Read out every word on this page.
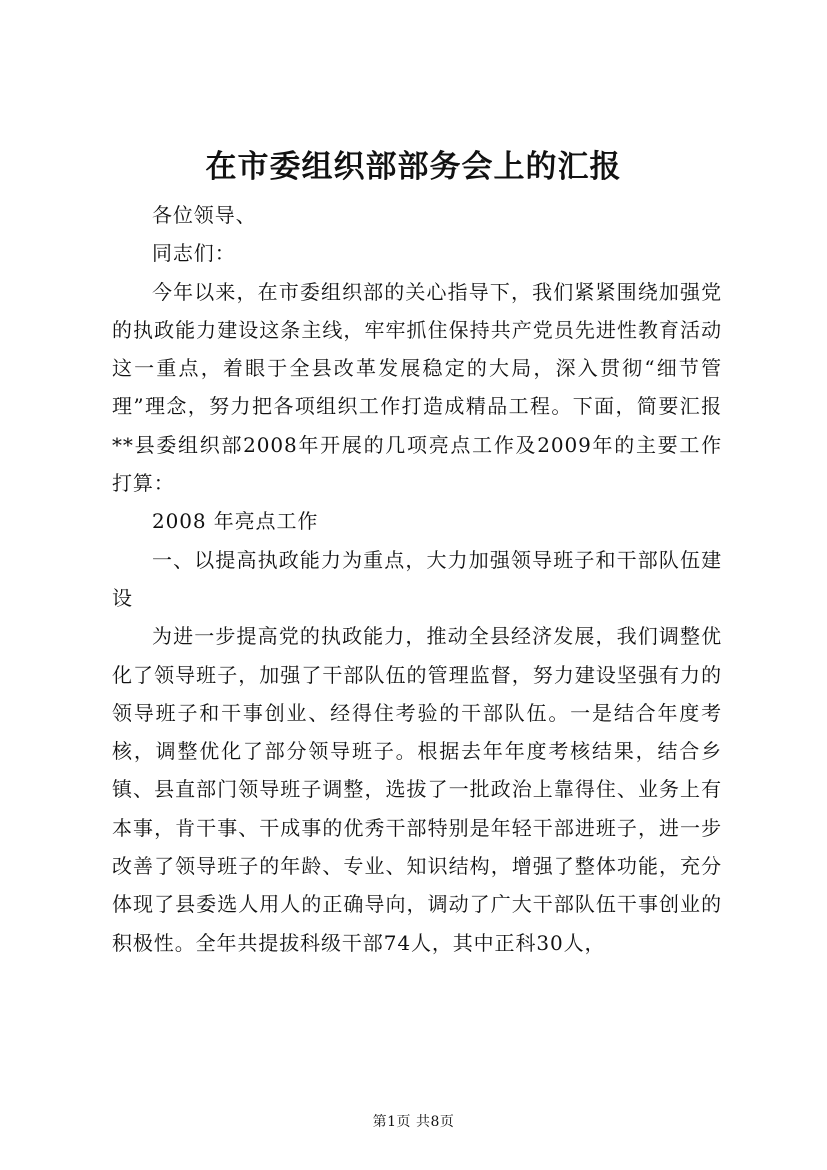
在市委组织部部务会上的汇报

各位领导、

同志们：

今年以来，在市委组织部的关心指导下，我们紧紧围绕加强党的执政能力建设这条主线，牢牢抓住保持共产党员先进性教育活动这一重点，着眼于全县改革发展稳定的大局，深入贯彻“细节管理”理念，努力把各项组织工作打造成精品工程。下面，简要汇报**县委组织部2008年开展的几项亮点工作及2009年的主要工作打算：

2008 年亮点工作

一、以提高执政能力为重点，大力加强领导班子和干部队伍建设

为进一步提高党的执政能力，推动全县经济发展，我们调整优化了领导班子，加强了干部队伍的管理监督，努力建设坚强有力的领导班子和干事创业、经得住考验的干部队伍。一是结合年度考核，调整优化了部分领导班子。根据去年年度考核结果，结合乡镇、县直部门领导班子调整，选拔了一批政治上靠得住、业务上有本事，肯干事、干成事的优秀干部特别是年轻干部进班子，进一步改善了领导班子的年龄、专业、知识结构，增强了整体功能，充分体现了县委选人用人的正确导向，调动了广大干部队伍干事创业的积极性。全年共提拔科级干部74人，其中正科30人，

第1页 共8页
